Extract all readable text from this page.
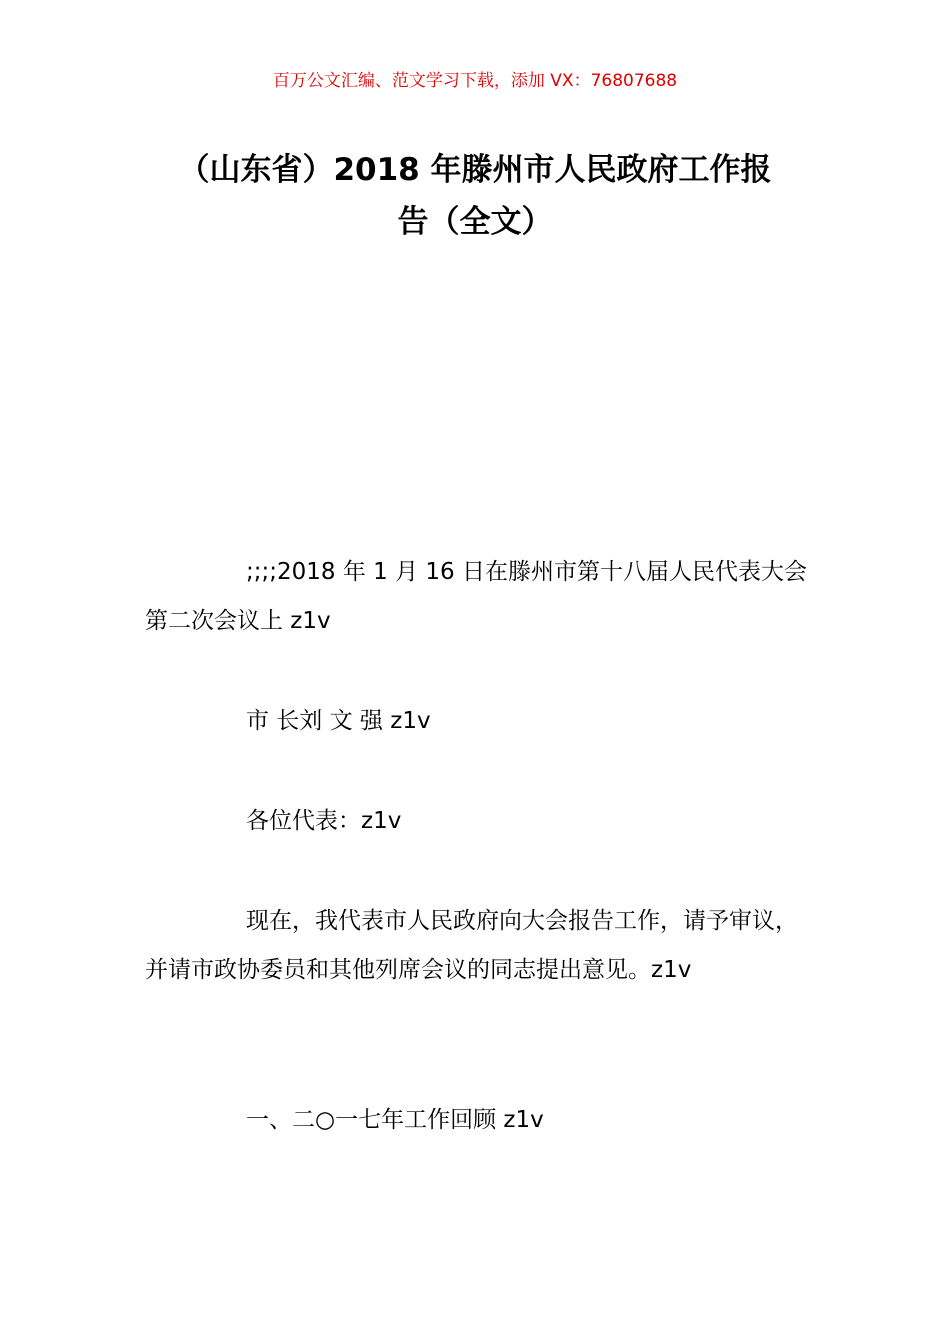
百万公文汇编、范文学习下载，添加 VX：76807688
（山东省）2018 年滕州市人民政府工作报
告（全文）

;;;;2018 年 1 月 16 日在滕州市第十八届人民代表大会第二次会议上 z1v

市 长刘 文 强 z1v

各位代表：z1v

现在，我代表市人民政府向大会报告工作，请予审议，并请市政协委员和其他列席会议的同志提出意见。z1v

一、二○一七年工作回顾 z1v
